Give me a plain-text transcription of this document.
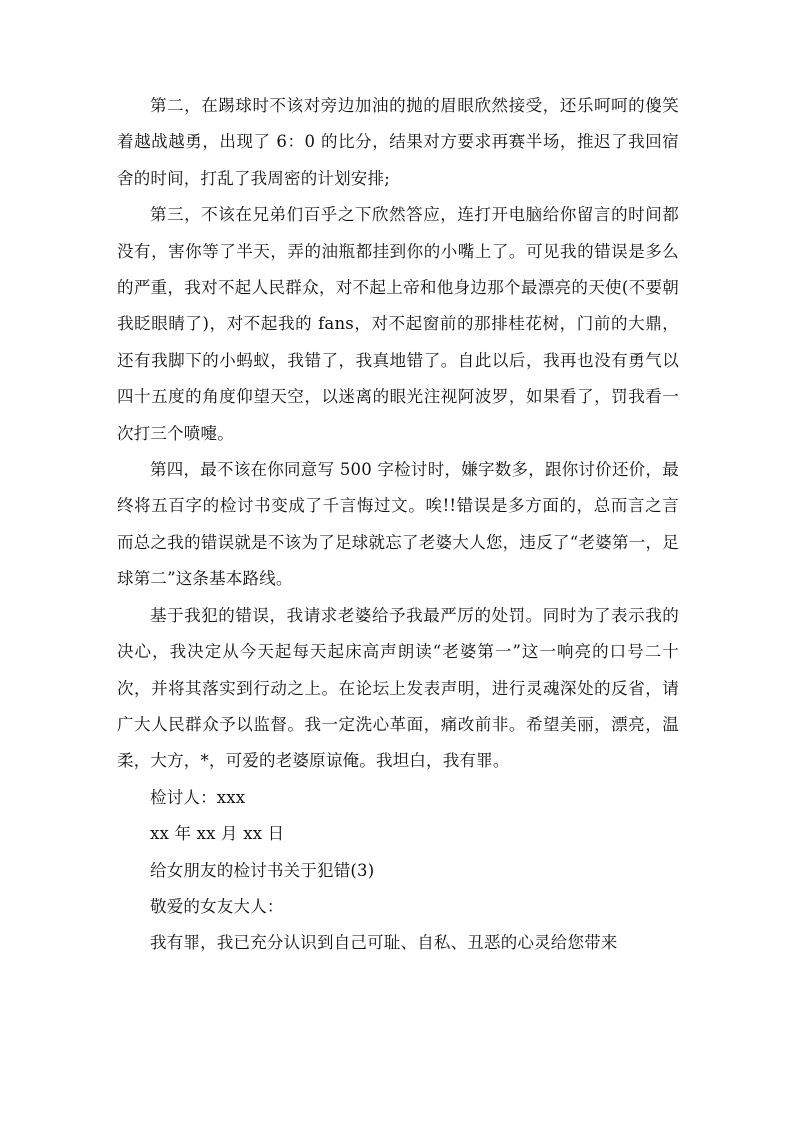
第二，在踢球时不该对旁边加油的抛的眉眼欣然接受，还乐呵呵的傻笑着越战越勇，出现了 6：0 的比分，结果对方要求再赛半场，推迟了我回宿舍的时间，打乱了我周密的计划安排;

第三，不该在兄弟们百乎之下欣然答应，连打开电脑给你留言的时间都没有，害你等了半天，弄的油瓶都挂到你的小嘴上了。可见我的错误是多么的严重，我对不起人民群众，对不起上帝和他身边那个最漂亮的天使(不要朝我眨眼睛了)，对不起我的 fans，对不起窗前的那排桂花树，门前的大鼎，还有我脚下的小蚂蚁，我错了，我真地错了。自此以后，我再也没有勇气以四十五度的角度仰望天空，以迷离的眼光注视阿波罗，如果看了，罚我看一次打三个喷嚏。

第四，最不该在你同意写 500 字检讨时，嫌字数多，跟你讨价还价，最终将五百字的检讨书变成了千言悔过文。唉!!错误是多方面的，总而言之言而总之我的错误就是不该为了足球就忘了老婆大人您，违反了“老婆第一，足球第二”这条基本路线。

基于我犯的错误，我请求老婆给予我最严厉的处罚。同时为了表示我的决心，我决定从今天起每天起床高声朗读“老婆第一”这一响亮的口号二十次，并将其落实到行动之上。在论坛上发表声明，进行灵魂深处的反省，请广大人民群众予以监督。我一定洗心革面，痛改前非。希望美丽，漂亮，温柔，大方，*，可爱的老婆原谅俺。我坦白，我有罪。

检讨人：xxx

xx 年 xx 月 xx 日

给女朋友的检讨书关于犯错(3)

敬爱的女友大人：

我有罪，我已充分认识到自己可耻、自私、丑恶的心灵给您带来
